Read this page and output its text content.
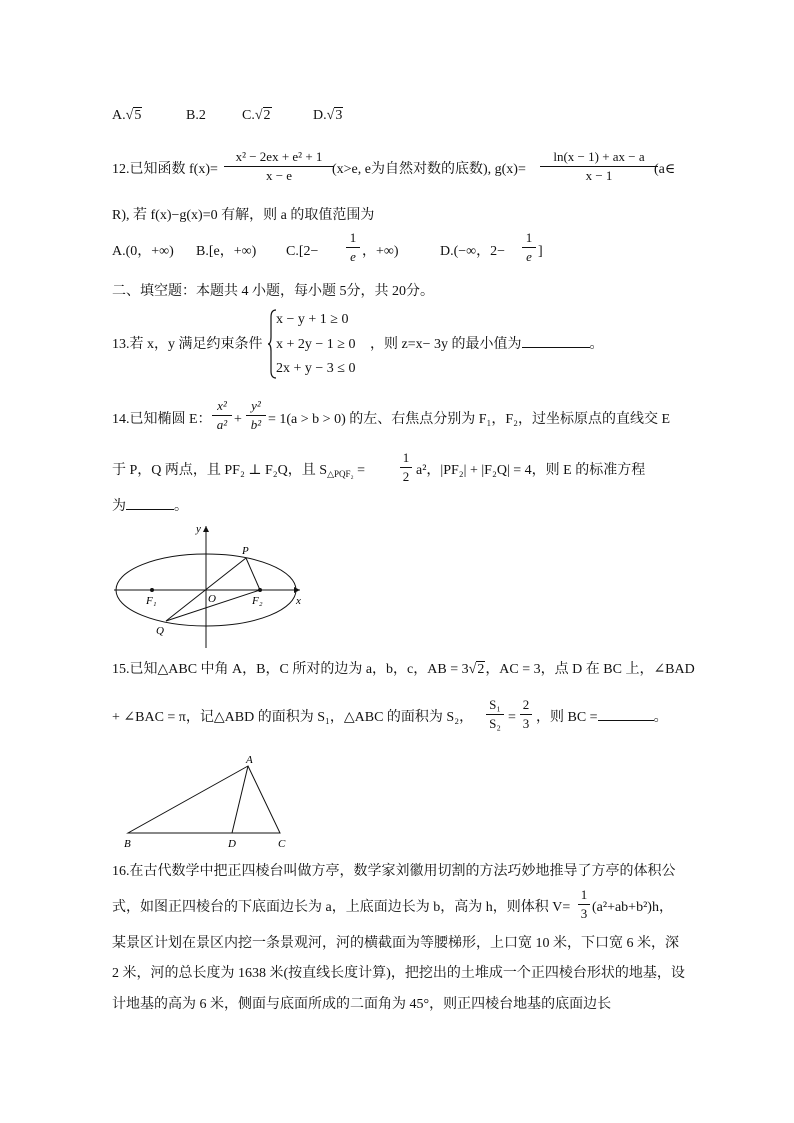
A.√5	B.2	C.√2	D.√3
12.已知函数 f(x)=
x² − 2ex + e² + 1
x − e	(x>e, e为自然对数的底数), g(x)=
ln(x − 1) + ax − a
x − 1	(a∈
R), 若 f(x)−g(x)=0 有解，则 a 的取值范围为
A.(0，+∞) B.[e，+∞) C.[2−
1
e ，+∞)	D.(−∞，2−
1
e ]
二、填空题：本题共 4 小题，每小题 5分，共 20分。
13.若 x，y 满足约束条件
x − y + 1 ≥ 0
x + 2y − 1 ≥ 0
2x + y − 3 ≤ 0
，则 z=x− 3y 的最小值为	。
14.已知椭圆 E：
x²
a² +
y²
b² = 1(a > b > 0) 的左、右焦点分别为 F₁，F₂，过坐标原点的直线交 E
于 P，Q 两点，且 PF₂ ⊥ F₂Q，且 $S_{\triangle PQF_2}$ =
1
2 a²，|PF₂| + |F₂Q| = 4，则 E 的标准方程
为	。
y
x
P
Q
O
F₁	F₂
15.已知△ABC 中角 A，B，C 所对的边为 a，b，c，AB = 3√2，AC = 3，点 D 在 BC 上，∠BAD
+ ∠BAC = π，记△ABD 的面积为 S₁，△ABC 的面积为 S₂，
S₁
S₂ =
2
3 ，则 BC =	。
A
B	D	C
16.在古代数学中把正四棱台叫做方亭，数学家刘徽用切割的方法巧妙地推导了方亭的体积公
式，如图正四棱台的下底面边长为 a，上底面边长为 b，高为 h，则体积 V=
1
3 (a²+ab+b²)h，
某景区计划在景区内挖一条景观河，河的横截面为等腰梯形，上口宽 10 米，下口宽 6 米，深
2 米，河的总长度为 1638 米(按直线长度计算)，把挖出的土堆成一个正四棱台形状的地基，设
计地基的高为 6 米，侧面与底面所成的二面角为 45°，则正四棱台地基的底面边长
